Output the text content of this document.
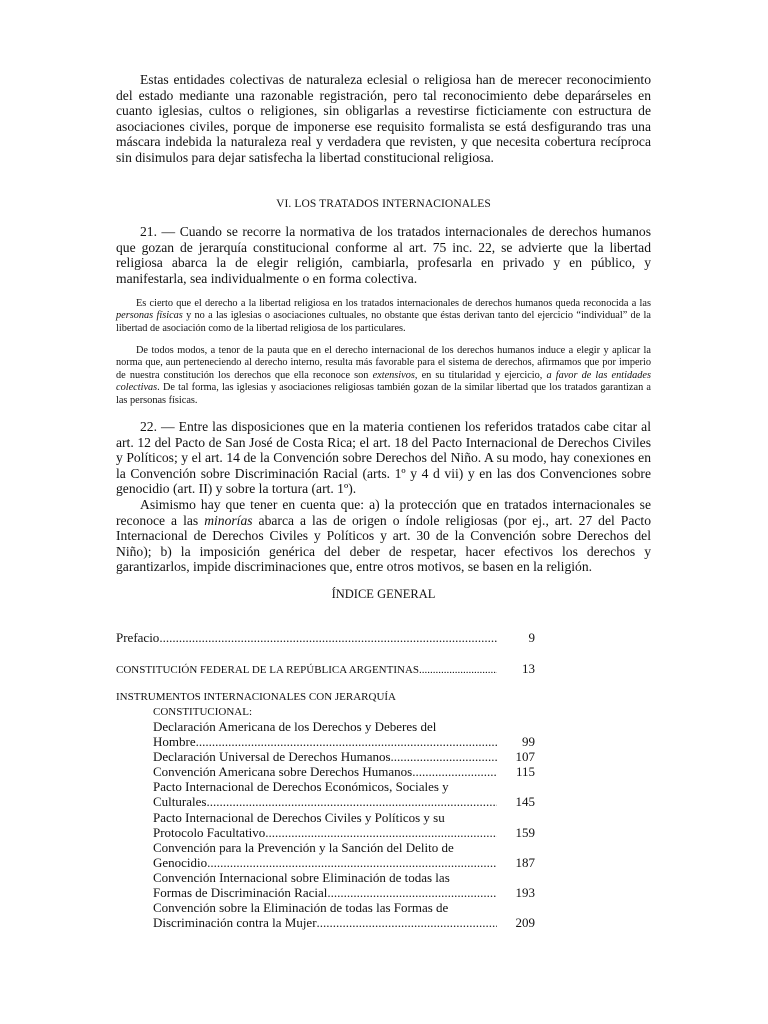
Estas entidades colectivas de naturaleza eclesial o religiosa han de merecer reconocimiento del estado mediante una razonable registración, pero tal reconocimiento debe deparárseles en cuanto iglesias, cultos o religiones, sin obligarlas a revestirse ficticiamente con estructura de asociaciones civiles, porque de imponerse ese requisito formalista se está desfigurando tras una máscara indebida la naturaleza real y verdadera que revisten, y que necesita cobertura recíproca sin disimulos para dejar satisfecha la libertad constitucional religiosa.

VI. LOS TRATADOS INTERNACIONALES

21. — Cuando se recorre la normativa de los tratados internacionales de derechos humanos que gozan de jerarquía constitucional conforme al art. 75 inc. 22, se advierte que la libertad religiosa abarca la de elegir religión, cambiarla, profesarla en privado y en público, y manifestarla, sea individualmente o en forma colectiva.

Es cierto que el derecho a la libertad religiosa en los tratados internacionales de derechos humanos queda reconocida a las personas físicas y no a las iglesias o asociaciones cultuales, no obstante que éstas derivan tanto del ejercicio “individual” de la libertad de asociación como de la libertad religiosa de los particulares.

De todos modos, a tenor de la pauta que en el derecho internacional de los derechos humanos induce a elegir y aplicar la norma que, aun perteneciendo al derecho interno, resulta más favorable para el sistema de derechos, afirmamos que por imperio de nuestra constitución los derechos que ella reconoce son extensivos, en su titularidad y ejercicio, a favor de las entidades colectivas. De tal forma, las iglesias y asociaciones religiosas también gozan de la similar libertad que los tratados garantizan a las personas físicas.

22. — Entre las disposiciones que en la materia contienen los referidos tratados cabe citar al art. 12 del Pacto de San José de Costa Rica; el art. 18 del Pacto Internacional de Derechos Civiles y Políticos; y el art. 14 de la Convención sobre Derechos del Niño. A su modo, hay conexiones en la Convención sobre Discriminación Racial (arts. 1º y 4 d vii) y en las dos Convenciones sobre genocidio (art. II) y sobre la tortura (art. 1º).

Asimismo hay que tener en cuenta que: a) la protección que en tratados internacionales se reconoce a las minorías abarca a las de origen o índole religiosas (por ej., art. 27 del Pacto Internacional de Derechos Civiles y Políticos y art. 30 de la Convención sobre Derechos del Niño); b) la imposición genérica del deber de respetar, hacer efectivos los derechos y garantizarlos, impide discriminaciones que, entre otros motivos, se basen en la religión.

ÍNDICE GENERAL
Prefacio .....	9
CONSTITUCIÓN FEDERAL DE LA REPÚBLICA ARGENTINAS .....	13
INSTRUMENTOS INTERNACIONALES CON JERARQUÍA
CONSTITUCIONAL:
Declaración Americana de los Derechos y Deberes del
Hombre .....	99
Declaración Universal de Derechos Humanos .....	107
Convención Americana sobre Derechos Humanos .....	115
Pacto Internacional de Derechos Económicos, Sociales y
Culturales .....	145
Pacto Internacional de Derechos Civiles y Políticos y su
Protocolo Facultativo .....	159
Convención para la Prevención y la Sanción del Delito de
Genocidio .....	187
Convención Internacional sobre Eliminación de todas las
Formas de Discriminación Racial .....	193
Convención sobre la Eliminación de todas las Formas de
Discriminación contra la Mujer .....	209
